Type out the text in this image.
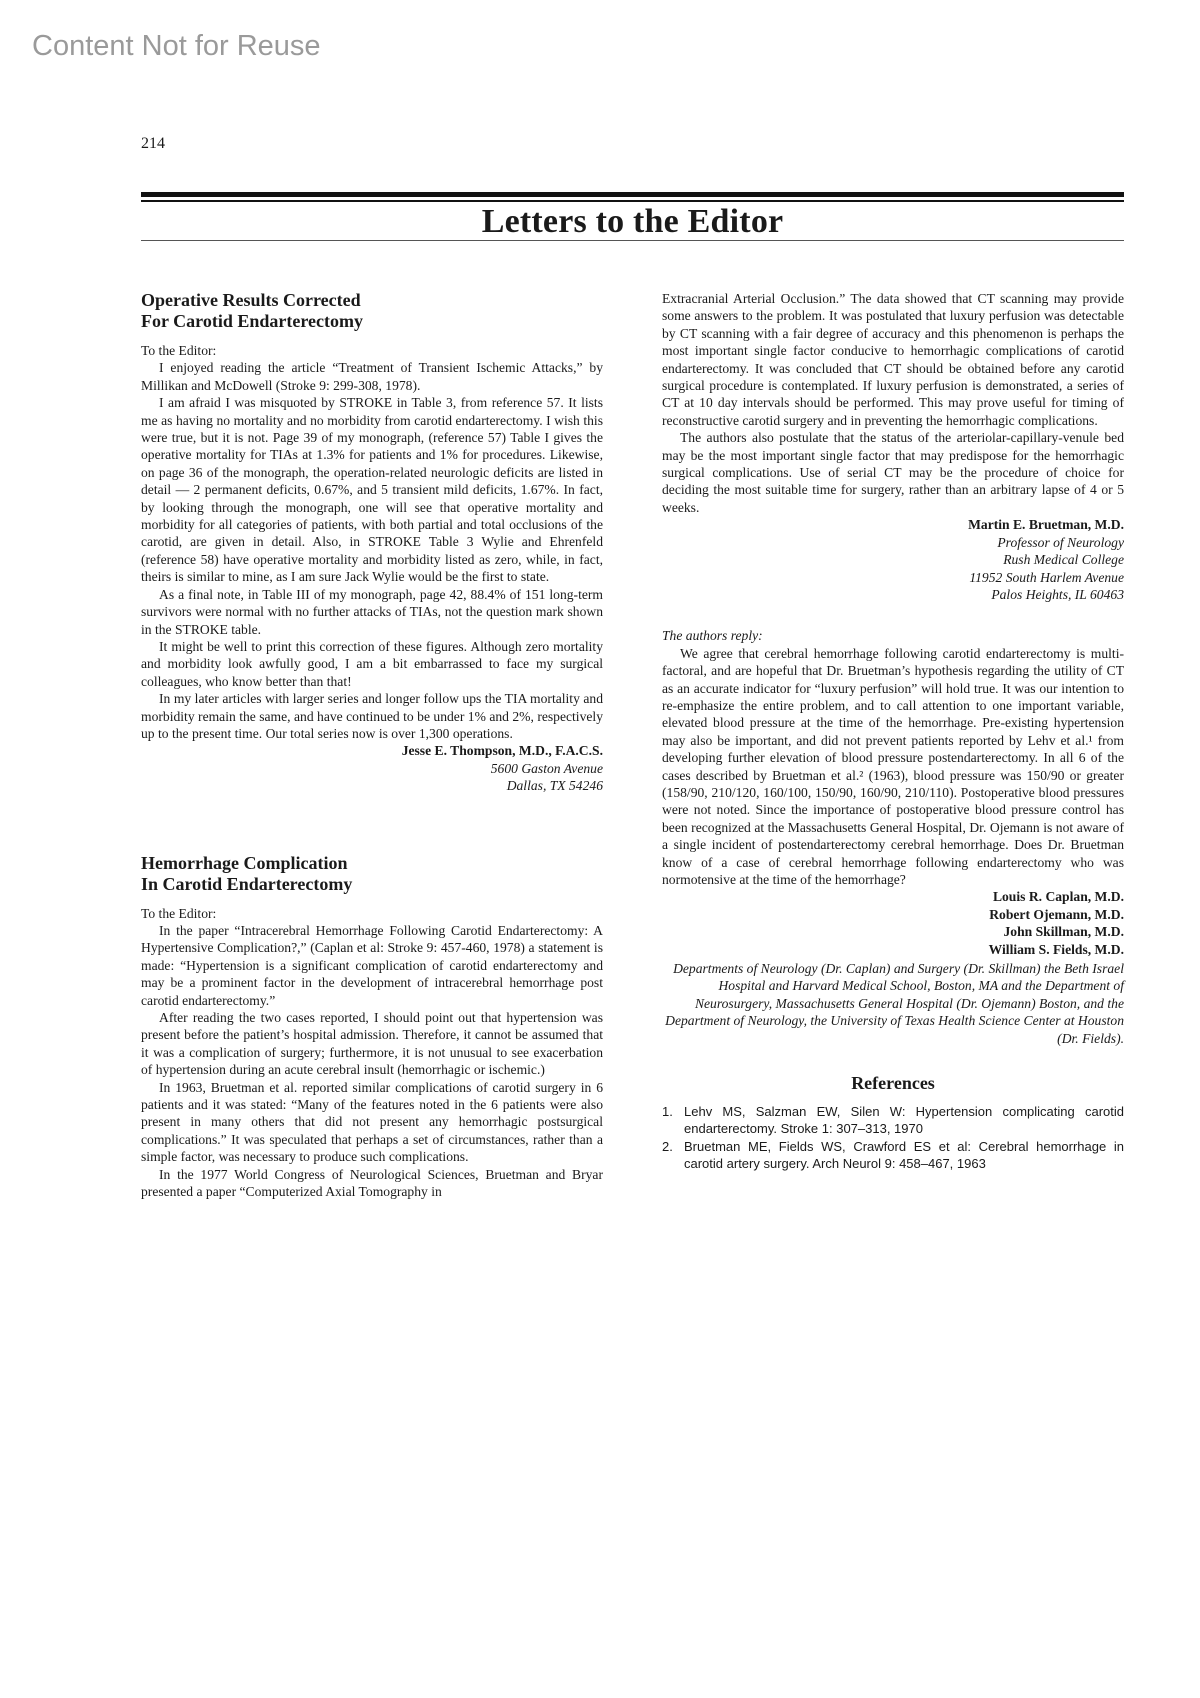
Content Not for Reuse
214
Letters to the Editor
Operative Results Corrected
For Carotid Endarterectomy

To the Editor:

I enjoyed reading the article “Treatment of Transient Ischemic Attacks,” by Millikan and McDowell (Stroke 9: 299-308, 1978).

I am afraid I was misquoted by STROKE in Table 3, from reference 57. It lists me as having no mortality and no morbidity from carotid endarterectomy. I wish this were true, but it is not. Page 39 of my monograph, (reference 57) Table I gives the operative mortality for TIAs at 1.3% for patients and 1% for procedures. Likewise, on page 36 of the monograph, the operation-related neurologic deficits are listed in detail — 2 permanent deficits, 0.67%, and 5 transient mild deficits, 1.67%. In fact, by looking through the monograph, one will see that operative mortality and morbidity for all categories of patients, with both partial and total occlusions of the carotid, are given in detail. Also, in STROKE Table 3 Wylie and Ehrenfeld (reference 58) have operative mortality and morbidity listed as zero, while, in fact, theirs is similar to mine, as I am sure Jack Wylie would be the first to state.

As a final note, in Table III of my monograph, page 42, 88.4% of 151 long-term survivors were normal with no further attacks of TIAs, not the question mark shown in the STROKE table.

It might be well to print this correction of these figures. Although zero mortality and morbidity look awfully good, I am a bit embarrassed to face my surgical colleagues, who know better than that!

In my later articles with larger series and longer follow ups the TIA mortality and morbidity remain the same, and have continued to be under 1% and 2%, respectively up to the present time. Our total series now is over 1,300 operations.

Jesse E. Thompson, M.D., F.A.C.S.
5600 Gaston Avenue
Dallas, TX 54246
Hemorrhage Complication
In Carotid Endarterectomy

To the Editor:

In the paper “Intracerebral Hemorrhage Following Carotid Endarterectomy: A Hypertensive Complication?,” (Caplan et al: Stroke 9: 457-460, 1978) a statement is made: “Hypertension is a significant complication of carotid endarterectomy and may be a prominent factor in the development of intracerebral hemorrhage post carotid endarterectomy.”

After reading the two cases reported, I should point out that hypertension was present before the patient’s hospital admission. Therefore, it cannot be assumed that it was a complication of surgery; furthermore, it is not unusual to see exacerbation of hypertension during an acute cerebral insult (hemorrhagic or ischemic.)

In 1963, Bruetman et al. reported similar complications of carotid surgery in 6 patients and it was stated: “Many of the features noted in the 6 patients were also present in many others that did not present any hemorrhagic postsurgical complications.” It was speculated that perhaps a set of circumstances, rather than a simple factor, was necessary to produce such complications.

In the 1977 World Congress of Neurological Sciences, Bruetman and Bryar presented a paper “Computerized Axial Tomography in

Extracranial Arterial Occlusion.” The data showed that CT scanning may provide some answers to the problem. It was postulated that luxury perfusion was detectable by CT scanning with a fair degree of accuracy and this phenomenon is perhaps the most important single factor conducive to hemorrhagic complications of carotid endarterectomy. It was concluded that CT should be obtained before any carotid surgical procedure is contemplated. If luxury perfusion is demonstrated, a series of CT at 10 day intervals should be performed. This may prove useful for timing of reconstructive carotid surgery and in preventing the hemorrhagic complications.

The authors also postulate that the status of the arteriolar-capillary-venule bed may be the most important single factor that may predispose for the hemorrhagic surgical complications. Use of serial CT may be the procedure of choice for deciding the most suitable time for surgery, rather than an arbitrary lapse of 4 or 5 weeks.

Martin E. Bruetman, M.D.
Professor of Neurology
Rush Medical College
11952 South Harlem Avenue
Palos Heights, IL 60463

The authors reply:

We agree that cerebral hemorrhage following carotid endarterectomy is multi-factoral, and are hopeful that Dr. Bruetman’s hypothesis regarding the utility of CT as an accurate indicator for “luxury perfusion” will hold true. It was our intention to re-emphasize the entire problem, and to call attention to one important variable, elevated blood pressure at the time of the hemorrhage. Pre-existing hypertension may also be important, and did not prevent patients reported by Lehv et al.¹ from developing further elevation of blood pressure postendarterectomy. In all 6 of the cases described by Bruetman et al.² (1963), blood pressure was 150/90 or greater (158/90, 210/120, 160/100, 150/90, 160/90, 210/110). Postoperative blood pressures were not noted. Since the importance of postoperative blood pressure control has been recognized at the Massachusetts General Hospital, Dr. Ojemann is not aware of a single incident of postendarterectomy cerebral hemorrhage. Does Dr. Bruetman know of a case of cerebral hemorrhage following endarterectomy who was normotensive at the time of the hemorrhage?

Louis R. Caplan, M.D.
Robert Ojemann, M.D.
John Skillman, M.D.
William S. Fields, M.D.

Departments of Neurology (Dr. Caplan) and Surgery (Dr. Skillman) the Beth Israel Hospital and Harvard Medical School, Boston, MA and the Department of Neurosurgery, Massachusetts General Hospital (Dr. Ojemann) Boston, and the Department of Neurology, the University of Texas Health Science Center at Houston (Dr. Fields).

References
1. Lehv MS, Salzman EW, Silen W: Hypertension complicating carotid endarterectomy. Stroke 1: 307–313, 1970
2. Bruetman ME, Fields WS, Crawford ES et al: Cerebral hemorrhage in carotid artery surgery. Arch Neurol 9: 458–467, 1963
